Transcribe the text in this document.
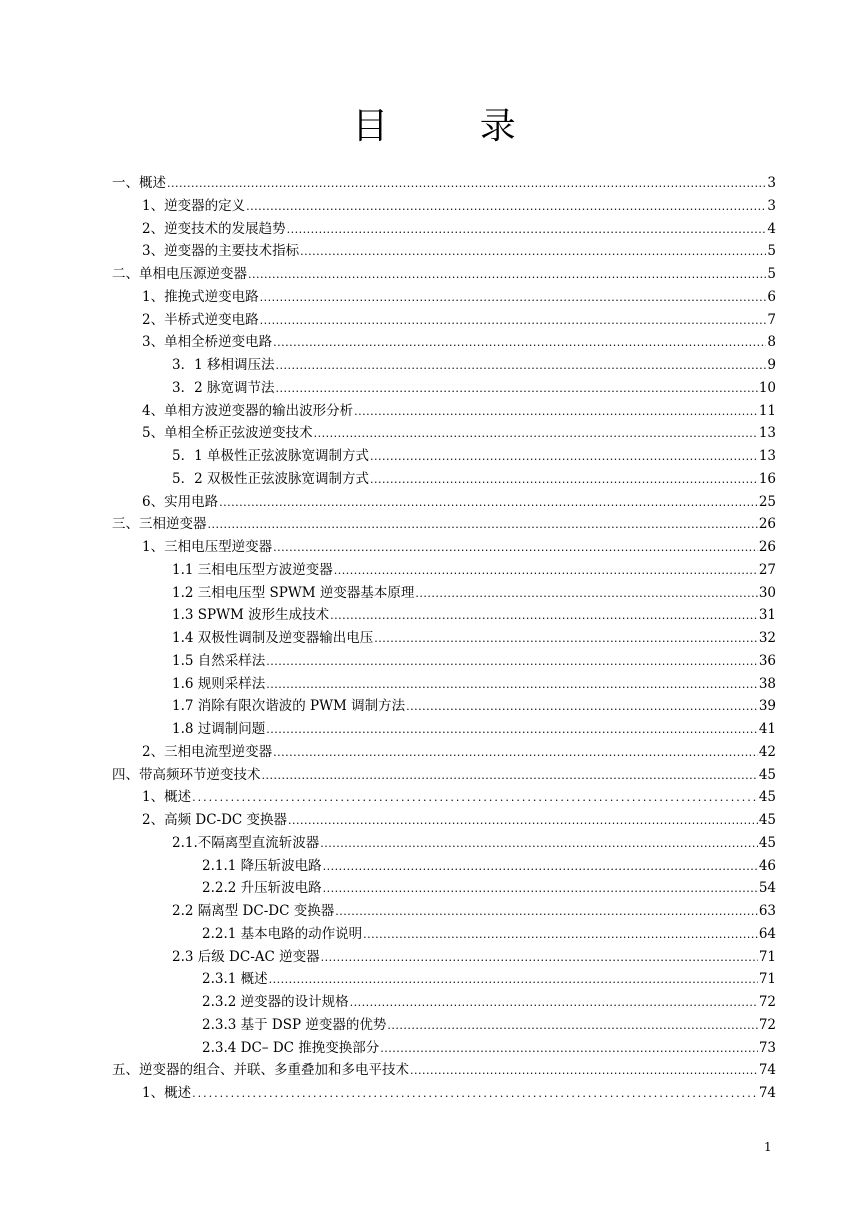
目 录
一、概述 .....	3
1、逆变器的定义 .....	3
2、逆变技术的发展趋势 .....	4
3、逆变器的主要技术指标 .....	5
二、单相电压源逆变器 .....	5
1、推挽式逆变电路 .....	6
2、半桥式逆变电路 .....	7
3、单相全桥逆变电路 .....	8
3．1 移相调压法 .....	9
3．2 脉宽调节法 .....	10
4、单相方波逆变器的输出波形分析 .....	11
5、单相全桥正弦波逆变技术 .....	13
5．1 单极性正弦波脉宽调制方式 .....	13
5．2 双极性正弦波脉宽调制方式 .....	16
6、实用电路 .....	25
三、三相逆变器 .....	26
1、三相电压型逆变器 .....	26
1.1 三相电压型方波逆变器 .....	27
1.2 三相电压型 SPWM 逆变器基本原理 .....	30
1.3 SPWM 波形生成技术 .....	31
1.4 双极性调制及逆变器输出电压 .....	32
1.5 自然采样法 .....	36
1.6 规则采样法 .....	38
1.7 消除有限次谐波的 PWM 调制方法 .....	39
1.8 过调制问题 .....	41
2、三相电流型逆变器 .....	42
四、带高频环节逆变技术 .....	45
1、概述 .....	45
2、高频 DC-DC 变换器 .....	45
2.1.不隔离型直流斩波器 .....	45
2.1.1 降压斩波电路 .....	46
2.2.2 升压斩波电路 .....	54
2.2 隔离型 DC-DC 变换器 .....	63
2.2.1 基本电路的动作说明 .....	64
2.3 后级 DC-AC 逆变器 .....	71
2.3.1 概述 .....	71
2.3.2 逆变器的设计规格 .....	72
2.3.3 基于 DSP 逆变器的优势 .....	72
2.3.4 DC– DC 推挽变换部分 .....	73
五、逆变器的组合、并联、多重叠加和多电平技术 .....	74
1、概述 .....	74
1
